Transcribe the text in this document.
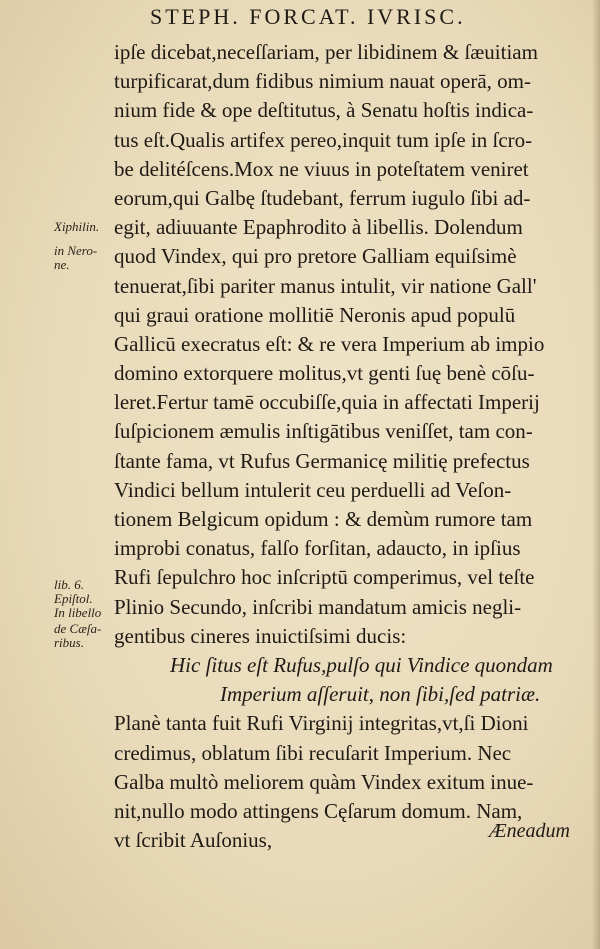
STEPH. FORCAT. IVRISC.
ipſe dicebat,neceſſariam, per libidinem & ſæuitiam
turpificarat,dum fidibus nimium nauat operā, om-
nium fide & ope deſtitutus, à Senatu hoſtis indica-
tus eſt.Qualis artifex pereo,inquit tum ipſe in ſcro-
be delitéſcens.Mox ne viuus in poteſtatem veniret
eorum,qui Galbę ſtudebant, ferrum iugulo ſibi ad-
egit, adiuuante Epaphrodito à libellis. Dolendum
quod Vindex, qui pro pretore Galliam equiſsimè
tenuerat,ſibi pariter manus intulit, vir natione Gall'
qui graui oratione mollitiē Neronis apud populū
Gallicū execratus eſt: & re vera Imperium ab impio
domino extorquere molitus,vt genti ſuę benè cōſu-
leret.Fertur tamē occubiſſe,quia in affectati Imperij
ſuſpicionem æmulis inſtigātibus veniſſet, tam con-
ſtante fama, vt Rufus Germanicę militię prefectus
Vindici bellum intulerit ceu perduelli ad Veſon-
tionem Belgicum opidum : & demùm rumore tam
improbi conatus, falſo forſitan, adaucto, in ipſius
Rufi ſepulchro hoc inſcriptū comperimus, vel teſte
Plinio Secundo, inſcribi mandatum amicis negli-
gentibus cineres inuictiſsimi ducis:
Hic ſitus eſt Rufus,pulſo qui Vindice quondam
Imperium aſſeruit, non ſibi,ſed patriæ.
Planè tanta fuit Rufi Virginij integritas,vt,ſi Dioni
credimus, oblatum ſibi recuſarit Imperium. Nec
Galba multò meliorem quàm Vindex exitum inue-
nit,nullo modo attingens Cęſarum domum. Nam,
vt ſcribit Auſonius,
Xiphilin.
in Nero-
ne.
lib. 6.
Epiſtol.
In libello
de Cæſa-
ribus.
Æneadum
